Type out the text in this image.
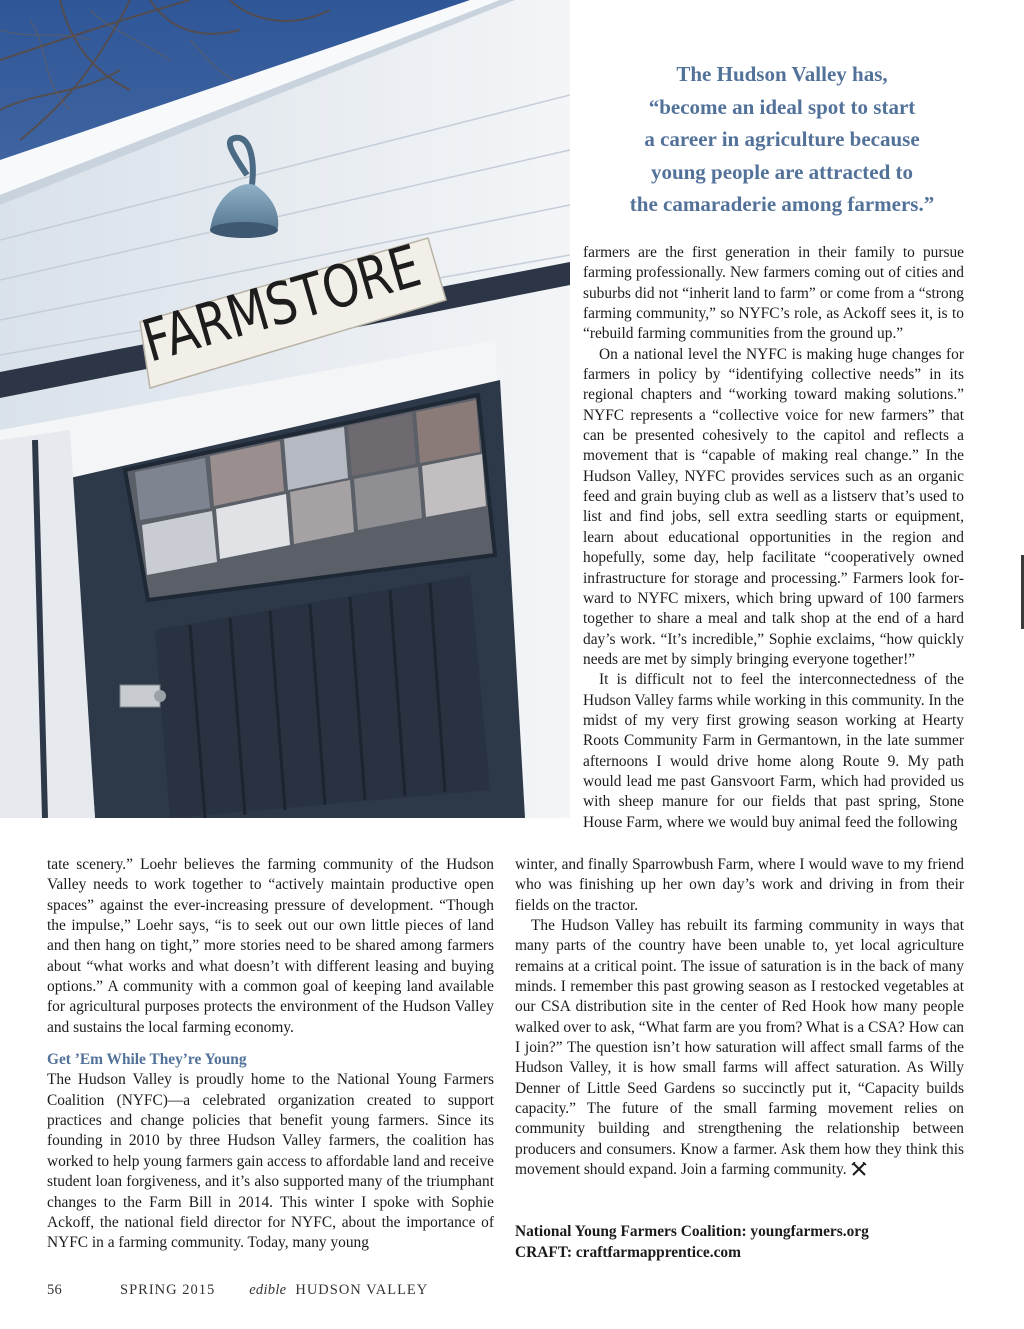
FARMSTORE
The Hudson Valley has,
“become an ideal spot to start
a career in agriculture because
young people are attracted to
the camaraderie among farmers.”

farmers are the first generation in their family to pursue farming professionally. New farmers coming out of cities and suburbs did not “inherit land to farm” or come from a “strong farming community,” so NYFC’s role, as Ackoff sees it, is to “rebuild farming communities from the ground up.”

On a national level the NYFC is making huge changes for farmers in policy by “identifying collective needs” in its regional chapters and “working toward making solutions.” NYFC represents a “collective voice for new farmers” that can be presented cohesively to the capitol and reflects a movement that is “capable of making real change.” In the Hudson Valley, NYFC provides services such as an organic feed and grain buying club as well as a listserv that’s used to list and find jobs, sell extra seedling starts or equipment, learn about educational opportunities in the region and hopefully, some day, help facilitate “cooperatively owned infrastructure for storage and processing.” Farmers look forward to NYFC mixers, which bring upward of 100 farmers together to share a meal and talk shop at the end of a hard day’s work. “It’s incredible,” Sophie exclaims, “how quickly needs are met by simply bringing everyone together!”

It is difficult not to feel the interconnectedness of the Hudson Valley farms while working in this community. In the midst of my very first growing season working at Hearty Roots Community Farm in Germantown, in the late summer afternoons I would drive home along Route 9. My path would lead me past Gansvoort Farm, which had provided us with sheep manure for our fields that past spring, Stone House Farm, where we would buy animal feed the following

winter, and finally Sparrowbush Farm, where I would wave to my friend who was finishing up her own day’s work and driving in from their fields on the tractor.

The Hudson Valley has rebuilt its farming community in ways that many parts of the country have been unable to, yet local agriculture remains at a critical point. The issue of saturation is in the back of many minds. I remember this past growing season as I restocked vegetables at our CSA distribution site in the center of Red Hook how many people walked over to ask, “What farm are you from? What is a CSA? How can I join?” The question isn’t how saturation will affect small farms of the Hudson Valley, it is how small farms will affect saturation. As Willy Denner of Little Seed Gardens so succinctly put it, “Capacity builds capacity.” The future of the small farming movement relies on community building and strengthening the relationship between producers and consumers. Know a farmer. Ask them how they think this movement should expand. Join a farming community.

National Young Farmers Coalition: youngfarmers.org
CRAFT: craftfarmapprentice.com

tate scenery.” Loehr believes the farming community of the Hudson Valley needs to work together to “actively maintain productive open spaces” against the ever-increasing pressure of development. “Though the impulse,” Loehr says, “is to seek out our own little pieces of land and then hang on tight,” more stories need to be shared among farmers about “what works and what doesn’t with different leasing and buying options.” A community with a common goal of keeping land available for agricultural purposes protects the environment of the Hudson Valley and sustains the local farming economy.

Get ’Em While They’re Young

The Hudson Valley is proudly home to the National Young Farmers Coalition (NYFC)—a celebrated organization created to support practices and change policies that benefit young farmers. Since its founding in 2010 by three Hudson Valley farmers, the coalition has worked to help young farmers gain access to affordable land and receive student loan forgiveness, and it’s also supported many of the triumphant changes to the Farm Bill in 2014. This winter I spoke with Sophie Ackoff, the national field director for NYFC, about the importance of NYFC in a farming community. Today, many young

56	SPRING 2015 edible HUDSON VALLEY
